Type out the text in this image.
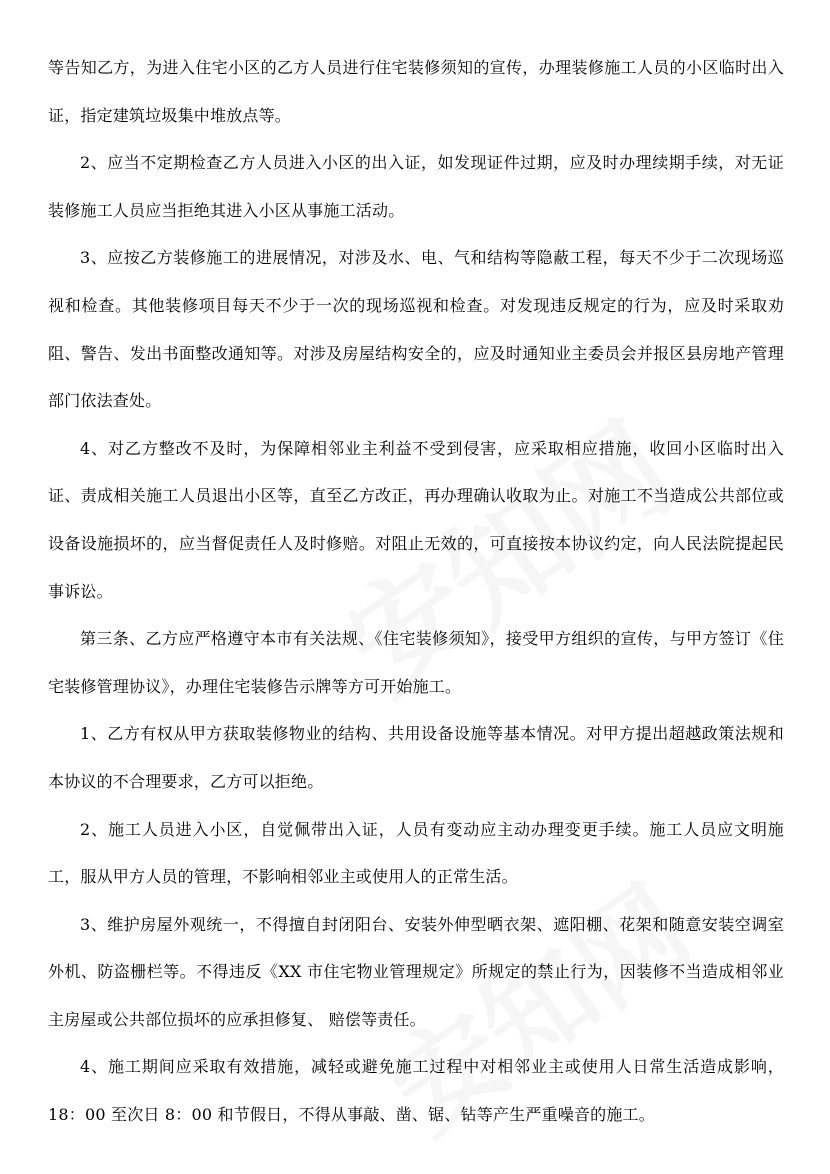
等告知乙方，为进入住宅小区的乙方人员进行住宅装修须知的宣传，办理装修施工人员的小区临时出入证，指定建筑垃圾集中堆放点等。

2、应当不定期检查乙方人员进入小区的出入证，如发现证件过期，应及时办理续期手续，对无证装修施工人员应当拒绝其进入小区从事施工活动。

3、应按乙方装修施工的进展情况，对涉及水、电、气和结构等隐蔽工程，每天不少于二次现场巡视和检查。其他装修项目每天不少于一次的现场巡视和检查。对发现违反规定的行为，应及时采取劝阻、警告、发出书面整改通知等。对涉及房屋结构安全的，应及时通知业主委员会并报区县房地产管理部门依法查处。

4、对乙方整改不及时，为保障相邻业主利益不受到侵害，应采取相应措施，收回小区临时出入证、责成相关施工人员退出小区等，直至乙方改正，再办理确认收取为止。对施工不当造成公共部位或设备设施损坏的，应当督促责任人及时修赔。对阻止无效的，可直接按本协议约定，向人民法院提起民事诉讼。

第三条、乙方应严格遵守本市有关法规、《住宅装修须知》，接受甲方组织的宣传，与甲方签订《住宅装修管理协议》，办理住宅装修告示牌等方可开始施工。

1、乙方有权从甲方获取装修物业的结构、共用设备设施等基本情况。对甲方提出超越政策法规和本协议的不合理要求，乙方可以拒绝。

2、施工人员进入小区，自觉佩带出入证，人员有变动应主动办理变更手续。施工人员应文明施工，服从甲方人员的管理，不影响相邻业主或使用人的正常生活。

3、维护房屋外观统一，不得擅自封闭阳台、安装外伸型晒衣架、遮阳棚、花架和随意安装空调室外机、防盗栅栏等。不得违反《XX 市住宅物业管理规定》所规定的禁止行为，因装修不当造成相邻业主房屋或公共部位损坏的应承担修复、 赔偿等责任。

4、施工期间应采取有效措施，减轻或避免施工过程中对相邻业主或使用人日常生活造成影响，18：00 至次日 8：00 和节假日，不得从事敲、凿、锯、钻等产生严重噪音的施工。
